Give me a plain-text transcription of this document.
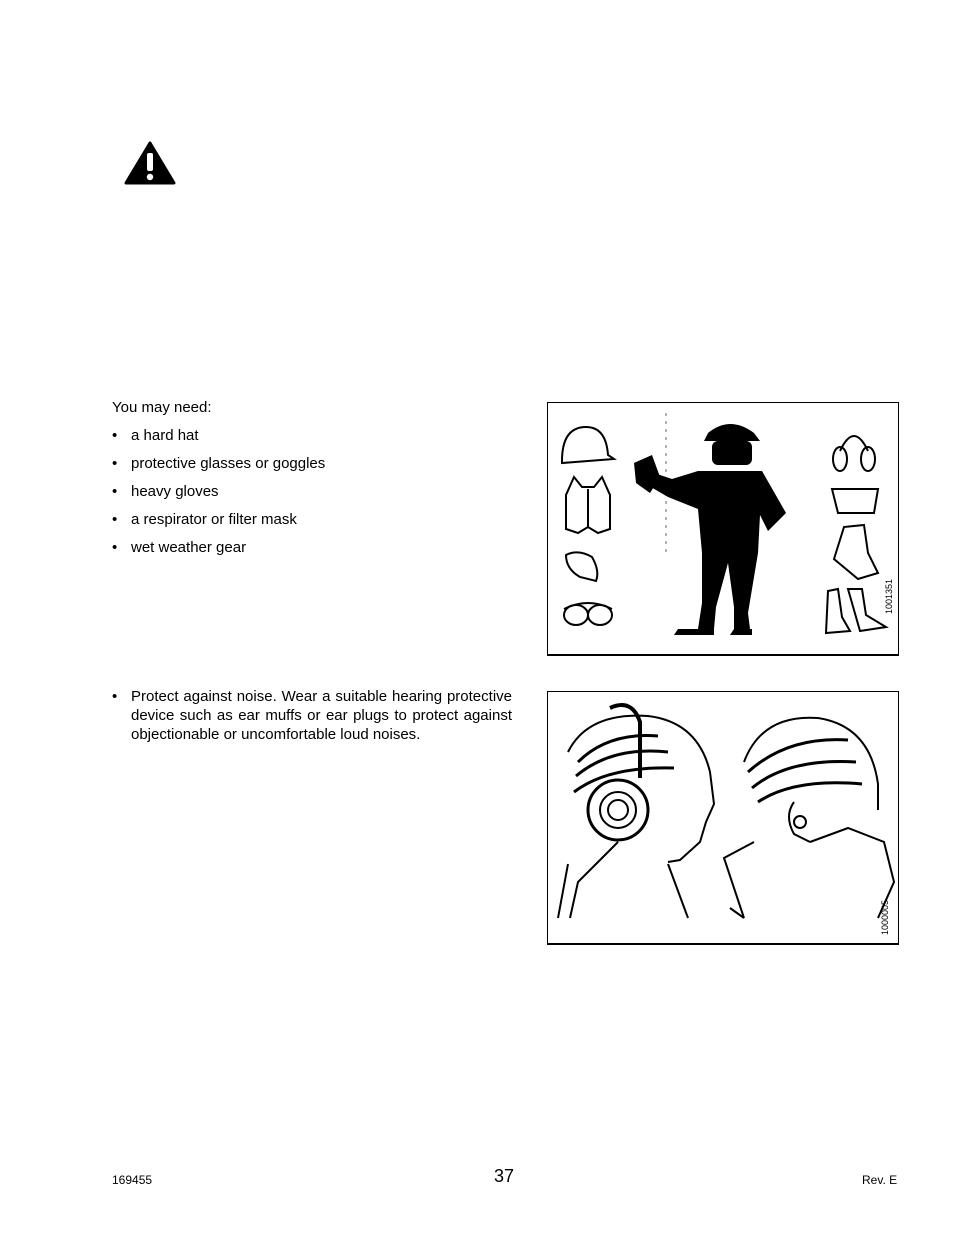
You may need:
• a hard hat
• protective glasses or goggles
• heavy gloves
• a respirator or filter mask
• wet weather gear
1001351
• Protect against noise. Wear a suitable hearing protective device such as ear muffs or ear plugs to protect against objectionable or uncomfortable loud noises.

1000005
169455	37	Rev. E
